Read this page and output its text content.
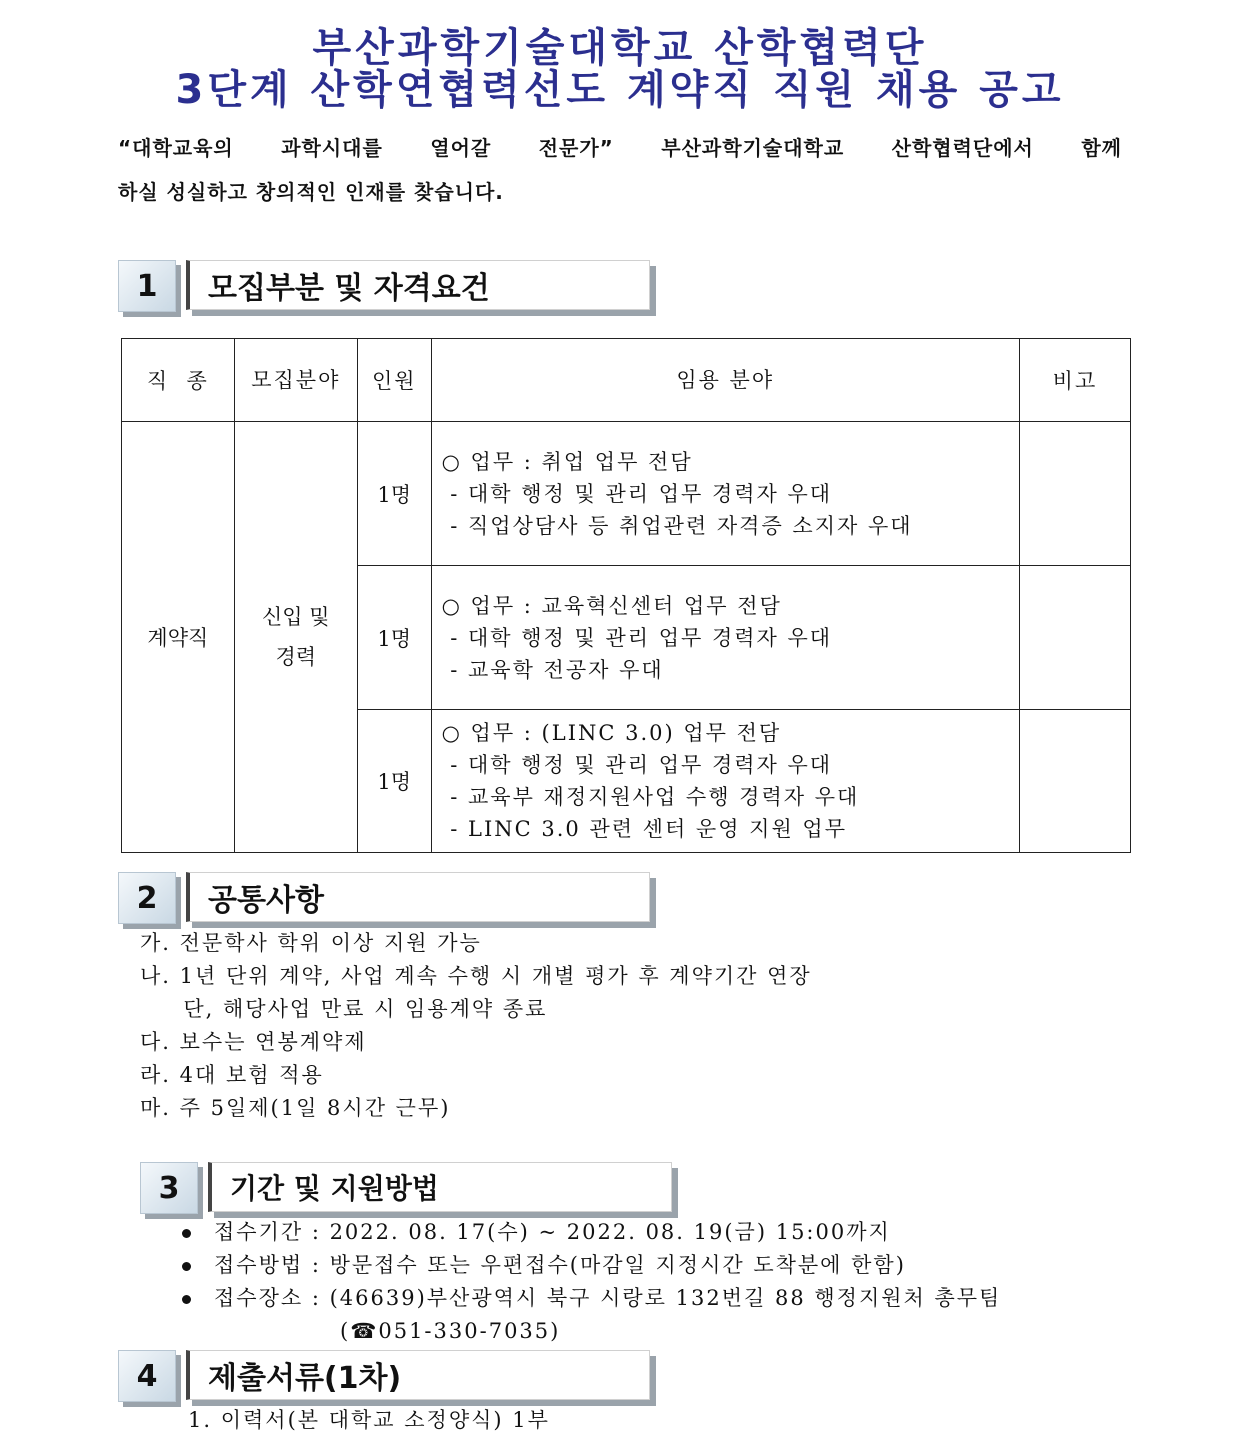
부산과학기술대학교 산학협력단
3단계 산학연협력선도 계약직 직원 채용 공고

“대학교육의 과학시대를 열어갈 전문가” 부산과학기술대학교 산학협력단에서 함께

하실 성실하고 창의적인 인재를 찾습니다.

1	모집부분 및 자격요건
직  종	모집분야	인원	임용 분야	비고
계약직	신입 및
경력	1명	○ 업무 : 취업 업무 전담
- 대학 행정 및 관리 업무 경력자 우대
- 직업상담사 등 취업관련 자격증 소지자 우대	

		1명	○ 업무 : 교육혁신센터 업무 전담
- 대학 행정 및 관리 업무 경력자 우대
- 교육학 전공자 우대	

		1명	○ 업무 : (LINC 3.0) 업무 전담
- 대학 행정 및 관리 업무 경력자 우대
- 교육부 재정지원사업 수행 경력자 우대
- LINC 3.0 관련 센터 운영 지원 업무	

2	공통사항
가. 전문학사 학위 이상 지원 가능
나. 1년 단위 계약, 사업 계속 수행 시 개별 평가 후 계약기간 연장
단, 해당사업 만료 시 임용계약 종료
다. 보수는 연봉계약제
라. 4대 보험 적용
마. 주 5일제(1일 8시간 근무)
3	기간 및 지원방법
접수기간 : 2022. 08. 17(수) ~ 2022. 08. 19(금) 15:00까지
접수방법 : 방문접수 또는 우편접수(마감일 지정시간 도착분에 한함)
접수장소 : (46639)부산광역시 북구 시랑로 132번길 88 행정지원처 총무팀
(☎051-330-7035)
4	제출서류(1차)
1. 이력서(본 대학교 소정양식) 1부
